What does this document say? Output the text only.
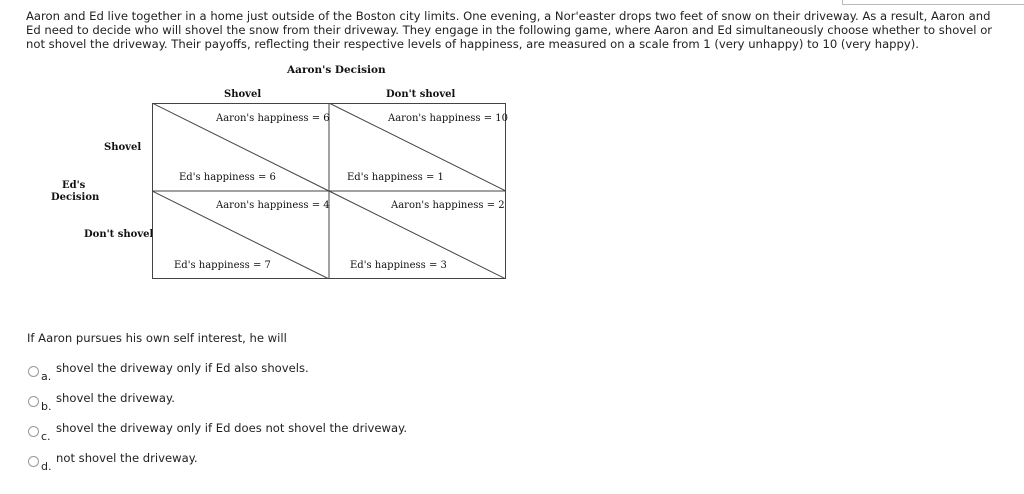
Aaron and Ed live together in a home just outside of the Boston city limits. One evening, a Nor'easter drops two feet of snow on their driveway. As a result, Aaron and Ed need to decide who will shovel the snow from their driveway. They engage in the following game, where Aaron and Ed simultaneously choose whether to shovel or not shovel the driveway. Their payoffs, reflecting their respective levels of happiness, are measured on a scale from 1 (very unhappy) to 10 (very happy).

Aaron's Decision
Shovel	Don't shovel
Shovel
Don't shovel
Ed's
Decision
Aaron's happiness = 6
Ed's happiness = 6
Aaron's happiness = 10
Ed's happiness = 1
Aaron's happiness = 4
Ed's happiness = 7
Aaron's happiness = 2
Ed's happiness = 3

If Aaron pursues his own self interest, he will

a.
shovel the driveway only if Ed also shovels.
b.
shovel the driveway.
c.
shovel the driveway only if Ed does not shovel the driveway.
d.
not shovel the driveway.
